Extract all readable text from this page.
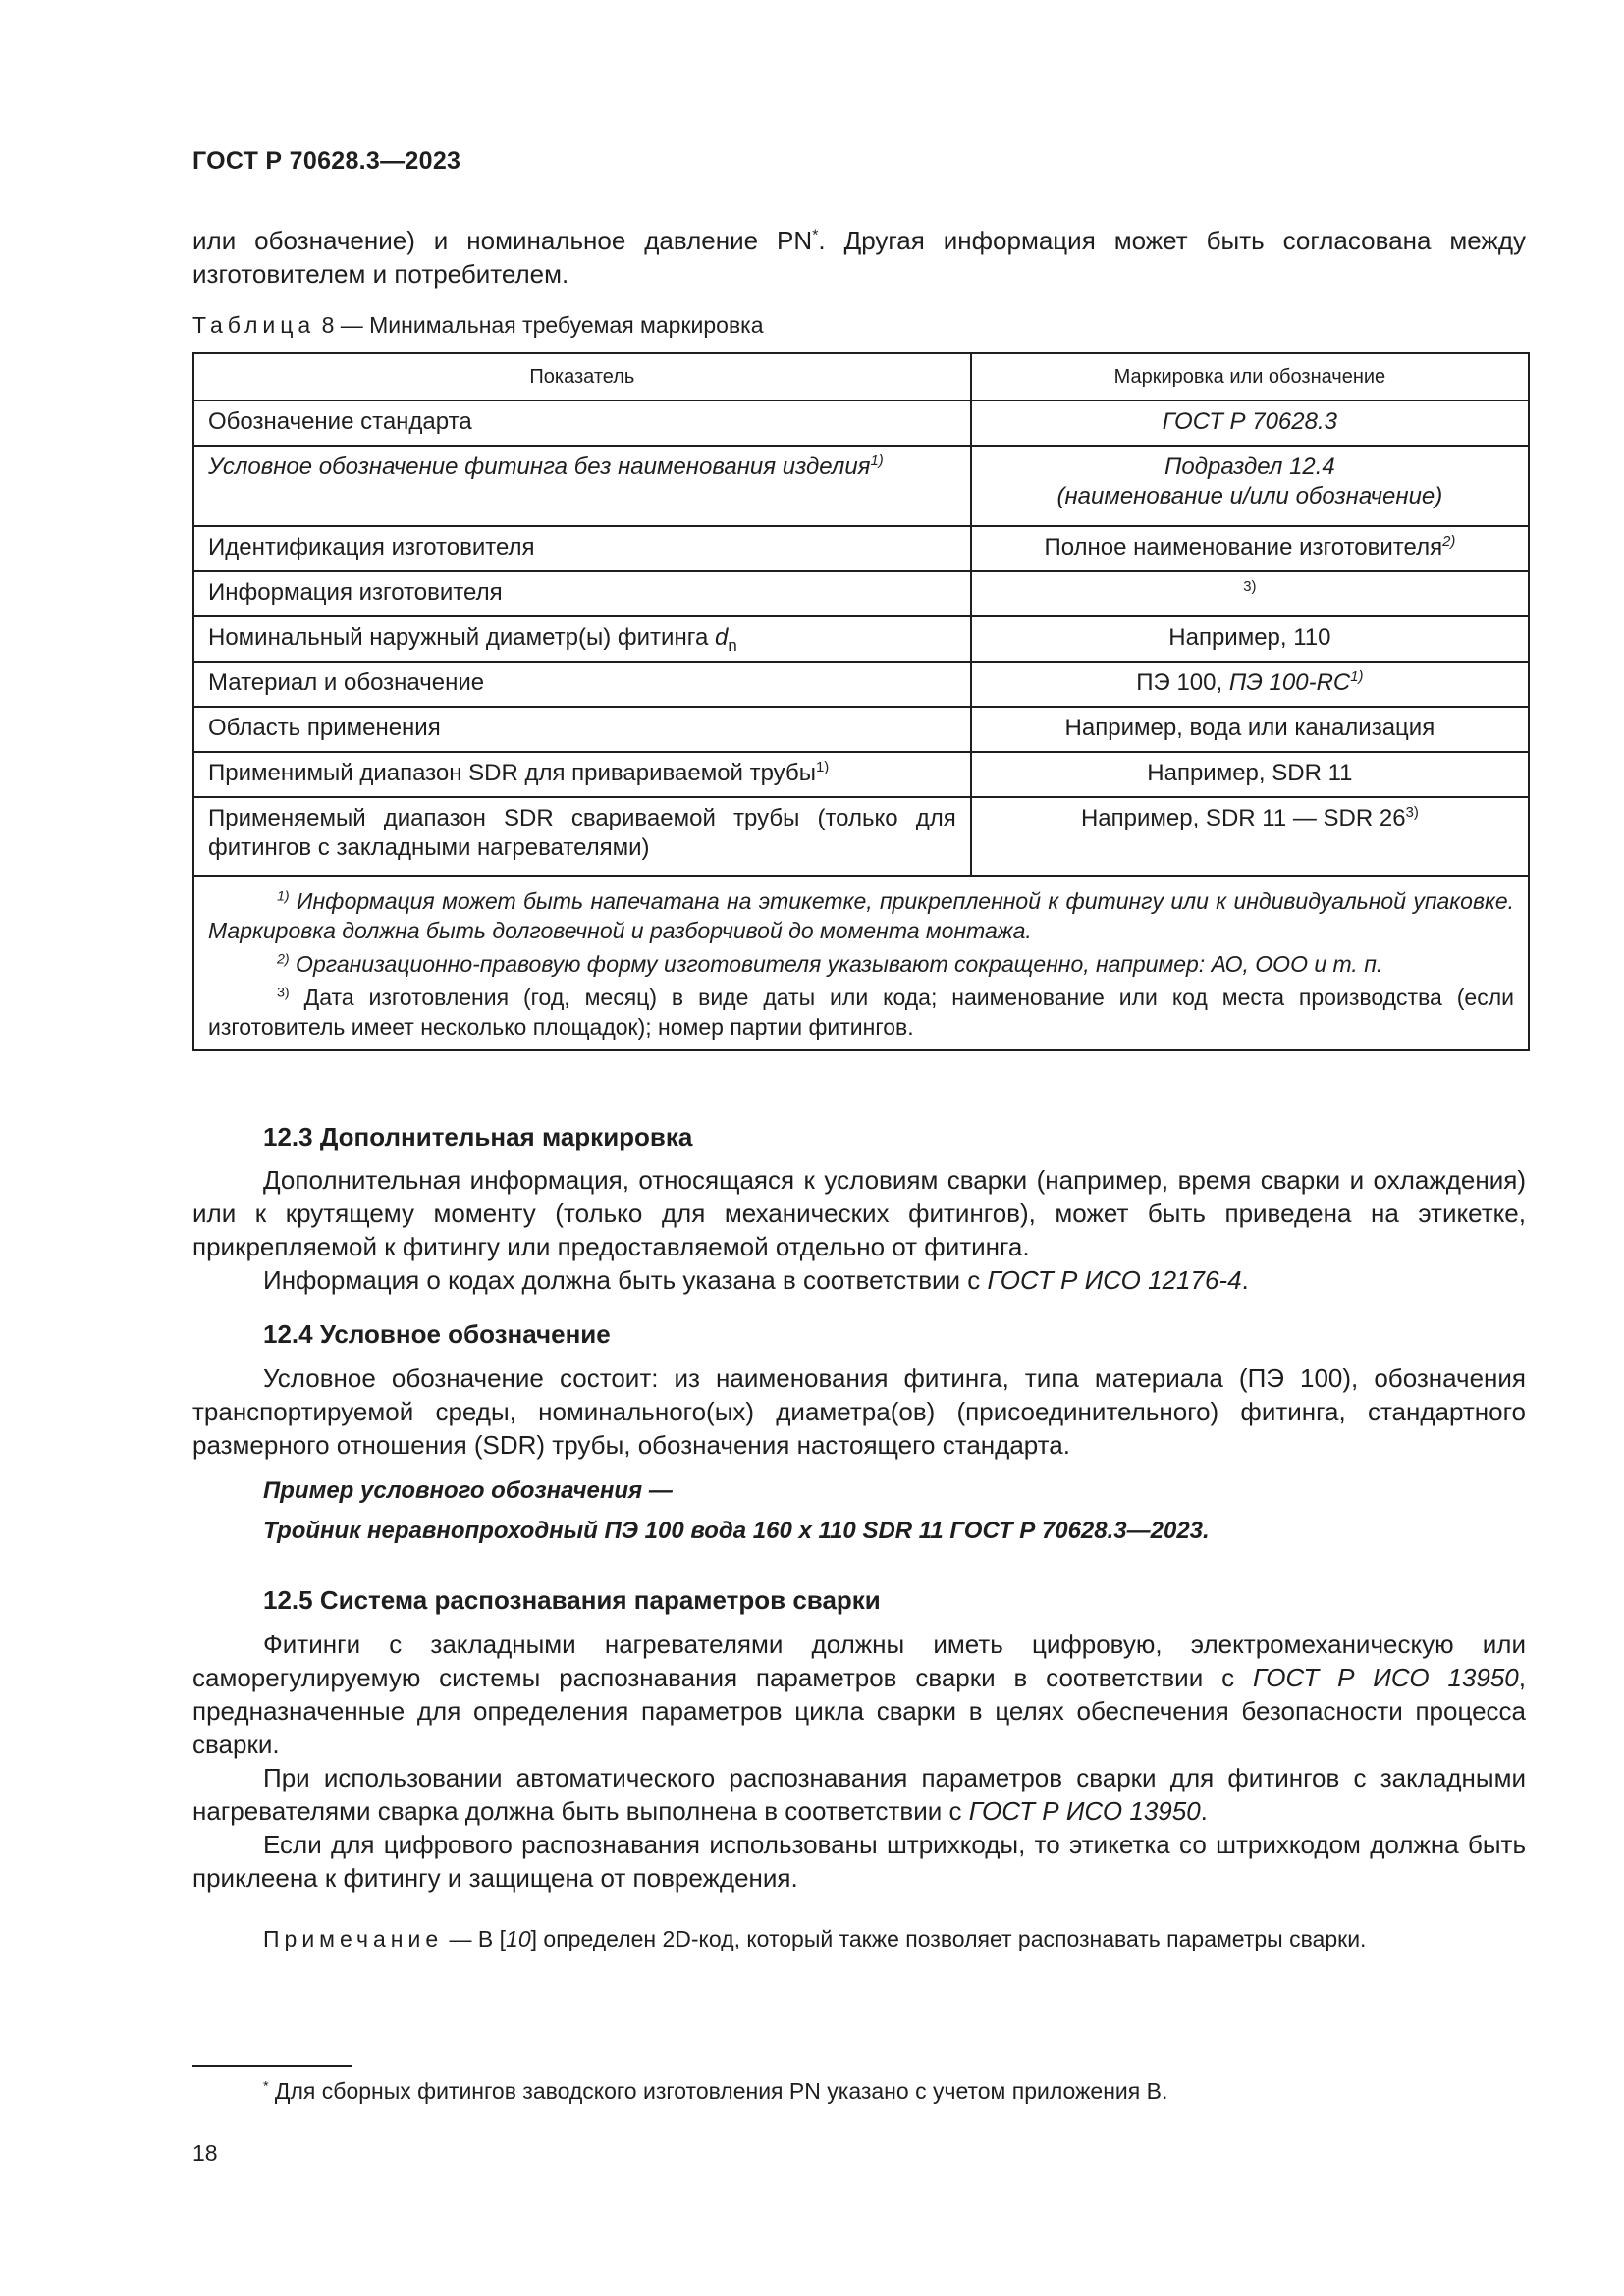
ГОСТ Р 70628.3—2023
или обозначение) и номинальное давление PN*. Другая информация может быть согласована между изготовителем и потребителем.
Таблица 8 — Минимальная требуемая маркировка
Показатель	Маркировка или обозначение
Обозначение стандарта	ГОСТ Р 70628.3
Условное обозначение фитинга без наименования изделия$^{1)}$	Подраздел 12.4
(наименование и/или обозначение)
Идентификация изготовителя	Полное наименование изготовителя$^{2)}$
Информация изготовителя	$^{3)}$
Номинальный наружный диаметр(ы) фитинга $d_n$	Например, 110
Материал и обозначение	ПЭ 100, ПЭ 100-RC$^{1)}$
Область применения	Например, вода или канализация
Применимый диапазон SDR для привариваемой трубы$^{1)}$	Например, SDR 11
Применяемый диапазон SDR свариваемой трубы (только для фитингов с закладными нагревателями)	Например, SDR 11 — SDR 26$^{3)}$

$^{1)}$ Информация может быть напечатана на этикетке, прикрепленной к фитингу или к индивидуальной упаковке. Маркировка должна быть долговечной и разборчивой до момента монтажа.

$^{2)}$ Организационно-правовую форму изготовителя указывают сокращенно, например: АО, ООО и т. п.

$^{3)}$ Дата изготовления (год, месяц) в виде даты или кода; наименование или код места производства (если изготовитель имеет несколько площадок); номер партии фитингов.	

12.3 Дополнительная маркировка
Дополнительная информация, относящаяся к условиям сварки (например, время сварки и охлаждения) или к крутящему моменту (только для механических фитингов), может быть приведена на этикетке, прикрепляемой к фитингу или предоставляемой отдельно от фитинга.
Информация о кодах должна быть указана в соответствии с ГОСТ Р ИСО 12176-4.
12.4 Условное обозначение
Условное обозначение состоит: из наименования фитинга, типа материала (ПЭ 100), обозначения транспортируемой среды, номинального(ых) диаметра(ов) (присоединительного) фитинга, стандартного размерного отношения (SDR) трубы, обозначения настоящего стандарта.
Пример условного обозначения —
Тройник неравнопроходный ПЭ 100 вода 160 х 110 SDR 11 ГОСТ Р 70628.3—2023.
12.5 Система распознавания параметров сварки
Фитинги с закладными нагревателями должны иметь цифровую, электромеханическую или саморегулируемую системы распознавания параметров сварки в соответствии с ГОСТ Р ИСО 13950, предназначенные для определения параметров цикла сварки в целях обеспечения безопасности процесса сварки.
При использовании автоматического распознавания параметров сварки для фитингов с закладными нагревателями сварка должна быть выполнена в соответствии с ГОСТ Р ИСО 13950.
Если для цифрового распознавания использованы штрихкоды, то этикетка со штрихкодом должна быть приклеена к фитингу и защищена от повреждения.
Примечание — В [10] определен 2D-код, который также позволяет распознавать параметры сварки.
* Для сборных фитингов заводского изготовления PN указано с учетом приложения В.
18
